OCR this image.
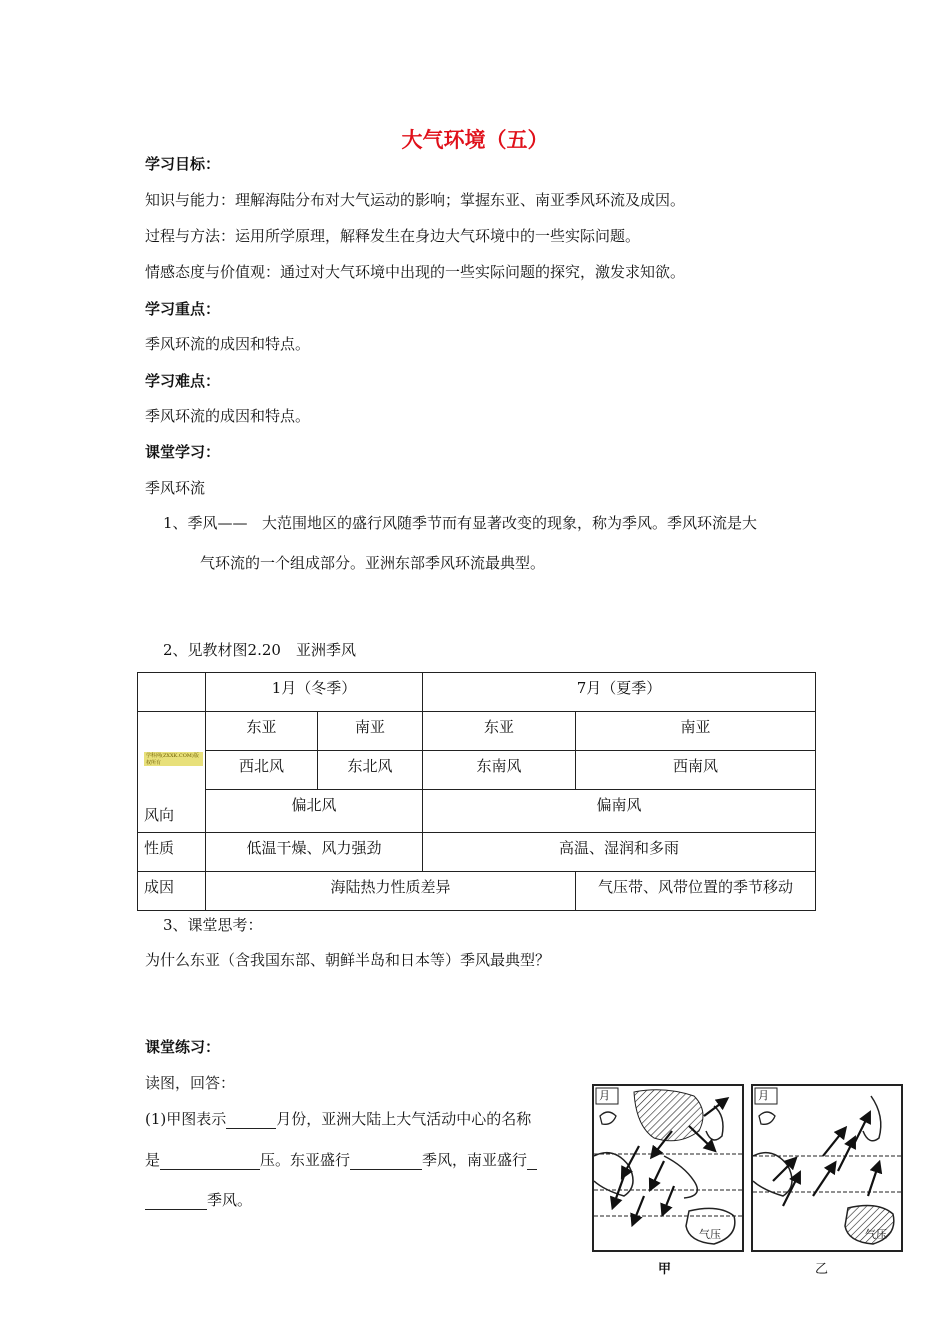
大气环境（五）
学习目标：
知识与能力：理解海陆分布对大气运动的影响；掌握东亚、南亚季风环流及成因。
过程与方法：运用所学原理，解释发生在身边大气环境中的一些实际问题。
情感态度与价值观：通过对大气环境中出现的一些实际问题的探究，激发求知欲。
学习重点：
季风环流的成因和特点。
学习难点：
季风环流的成因和特点。
课堂学习：
季风环流
1、季风—— 大范围地区的盛行风随季节而有显著改变的现象，称为季风。季风环流是大
气环流的一个组成部分。亚洲东部季风环流最典型。
2、见教材图2.20　亚洲季风
	1月（冬季）		7月（夏季）	
学科网(ZXXK.COM)版权所有
风向	东亚	南亚	东亚	南亚
	西北风	东北风	东南风	西南风
	偏北风		偏南风	
性质	低温干燥、风力强劲		高温、湿润和多雨	
成因	海陆热力性质差异			气压带、风带位置的季节移动
3、课堂思考：
为什么东亚（含我国东部、朝鲜半岛和日本等）季风最典型？
课堂练习：
读图，回答：
(1)甲图表示	月份，亚洲大陆上大气活动中心的名称
是	压。东亚盛行	季风，南亚盛行
季风。
月
气压
甲
月
气压
乙
